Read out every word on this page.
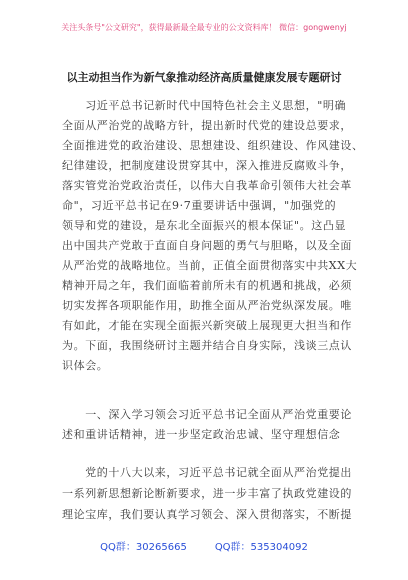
关注头条号"公文研究"，获得最新最全最专业的公文资料库！ 微信：gongwenyj
以主动担当作为新气象推动经济高质量健康发展专题研讨
　　习近平总书记新时代中国特色社会主义思想，"明确
全面从严治党的战略方针，提出新时代党的建设总要求，
全面推进党的政治建设、思想建设、组织建设、作风建设、
纪律建设，把制度建设贯穿其中，深入推进反腐败斗争，
落实管党治党政治责任，以伟大自我革命引领伟大社会革
命"，习近平总书记在9·7重要讲话中强调，"加强党的
领导和党的建设，是东北全面振兴的根本保证"。这凸显
出中国共产党敢于直面自身问题的勇气与胆略，以及全面
从严治党的战略地位。当前，正值全面贯彻落实中共XX大
精神开局之年，我们面临着前所未有的机遇和挑战，必须
切实发挥各项职能作用，助推全面从严治党纵深发展。唯
有如此，才能在实现全面振兴新突破上展现更大担当和作
为。下面，我围绕研讨主题并结合自身实际，浅谈三点认
识体会。
　　一、深入学习领会习近平总书记全面从严治党重要论
述和重讲话精神，进一步坚定政治忠诚、坚守理想信念
　　党的十八大以来，习近平总书记就全面从严治党提出
一系列新思想新论断新要求，进一步丰富了执政党建设的
理论宝库，我们要认真学习领会、深入贯彻落实，不断提
QQ群：30265665	QQ群：535304092
